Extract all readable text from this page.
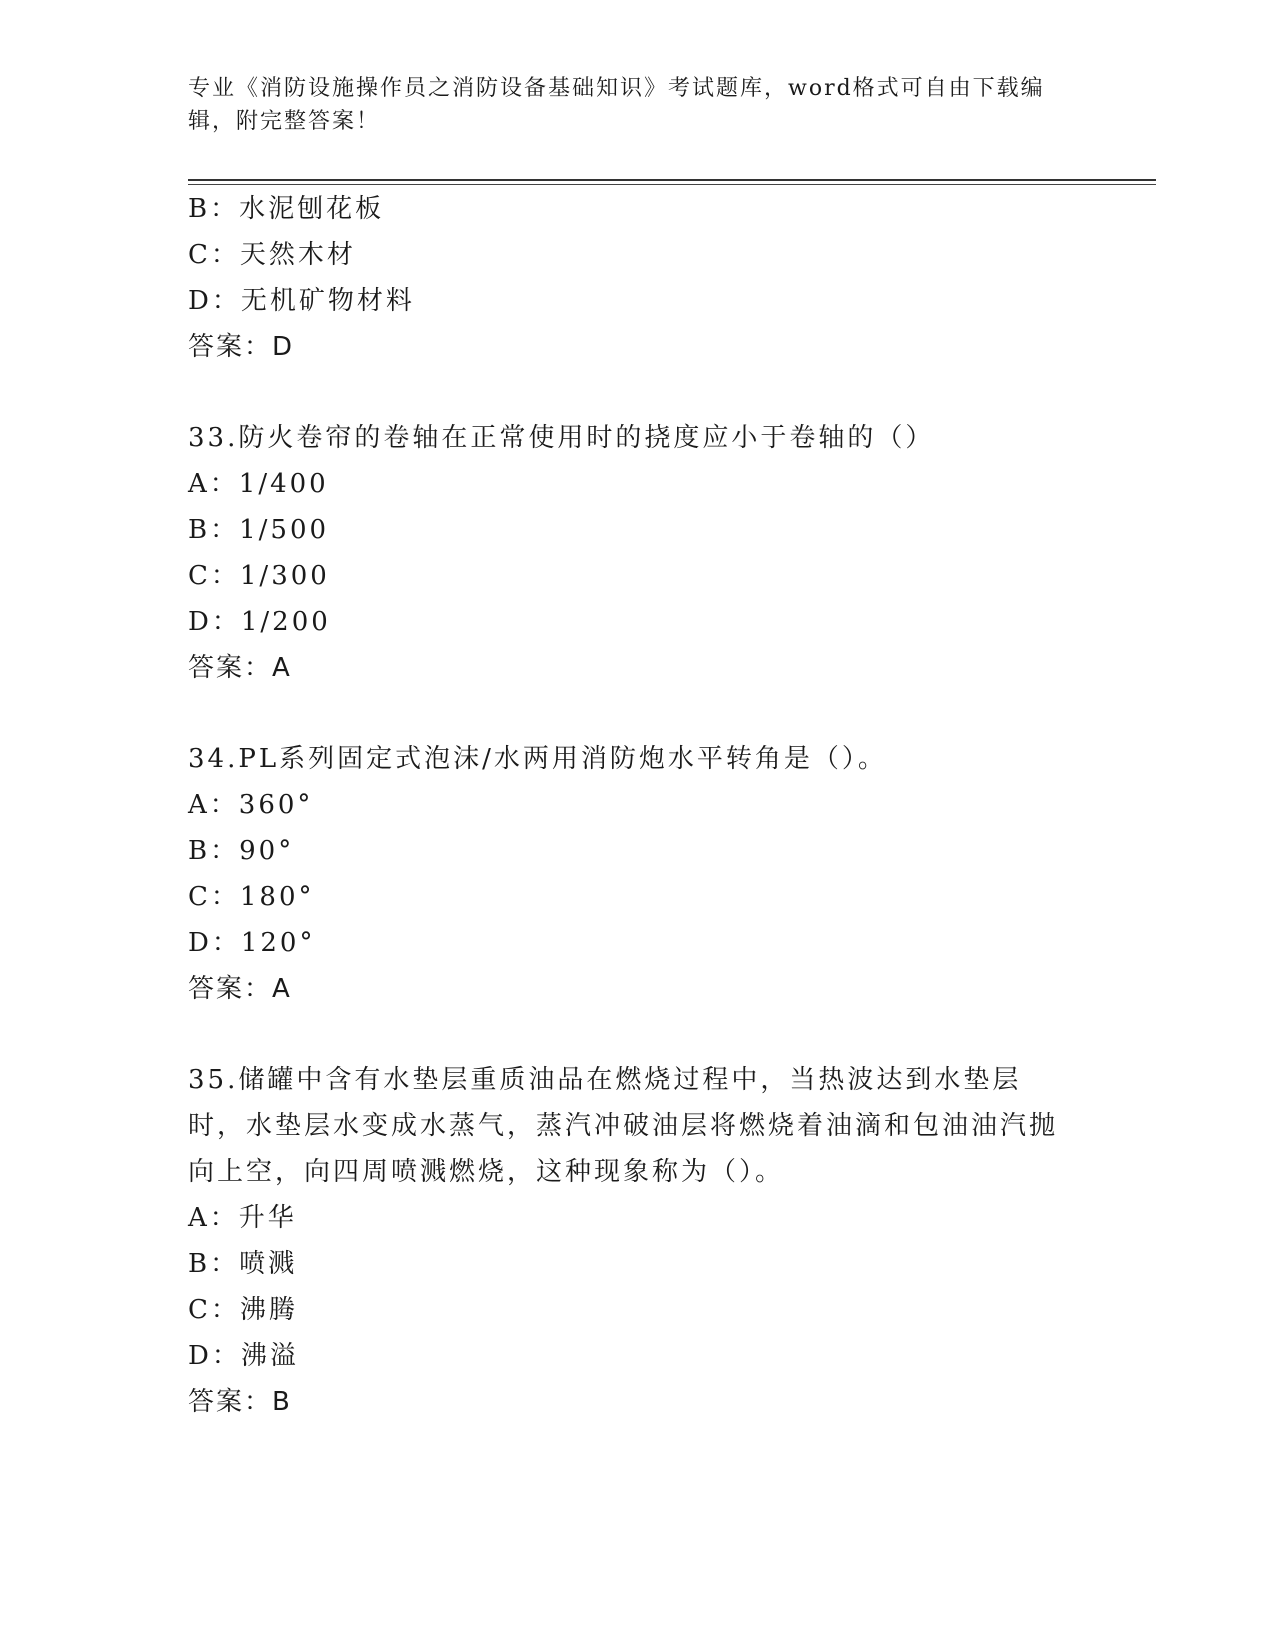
专业《消防设施操作员之消防设备基础知识》考试题库，word格式可自由下载编辑，附完整答案！
B：水泥刨花板
C：天然木材
D：无机矿物材料
答案：D
33.防火卷帘的卷轴在正常使用时的挠度应小于卷轴的（）
A：1/400
B：1/500
C：1/300
D：1/200
答案：A
34.PL系列固定式泡沫/水两用消防炮水平转角是（）。
A：360°
B：90°
C：180°
D：120°
答案：A
35.储罐中含有水垫层重质油品在燃烧过程中，当热波达到水垫层时，水垫层水变成水蒸气，蒸汽冲破油层将燃烧着油滴和包油油汽抛向上空，向四周喷溅燃烧，这种现象称为（）。
A：升华
B：喷溅
C：沸腾
D：沸溢
答案：B
